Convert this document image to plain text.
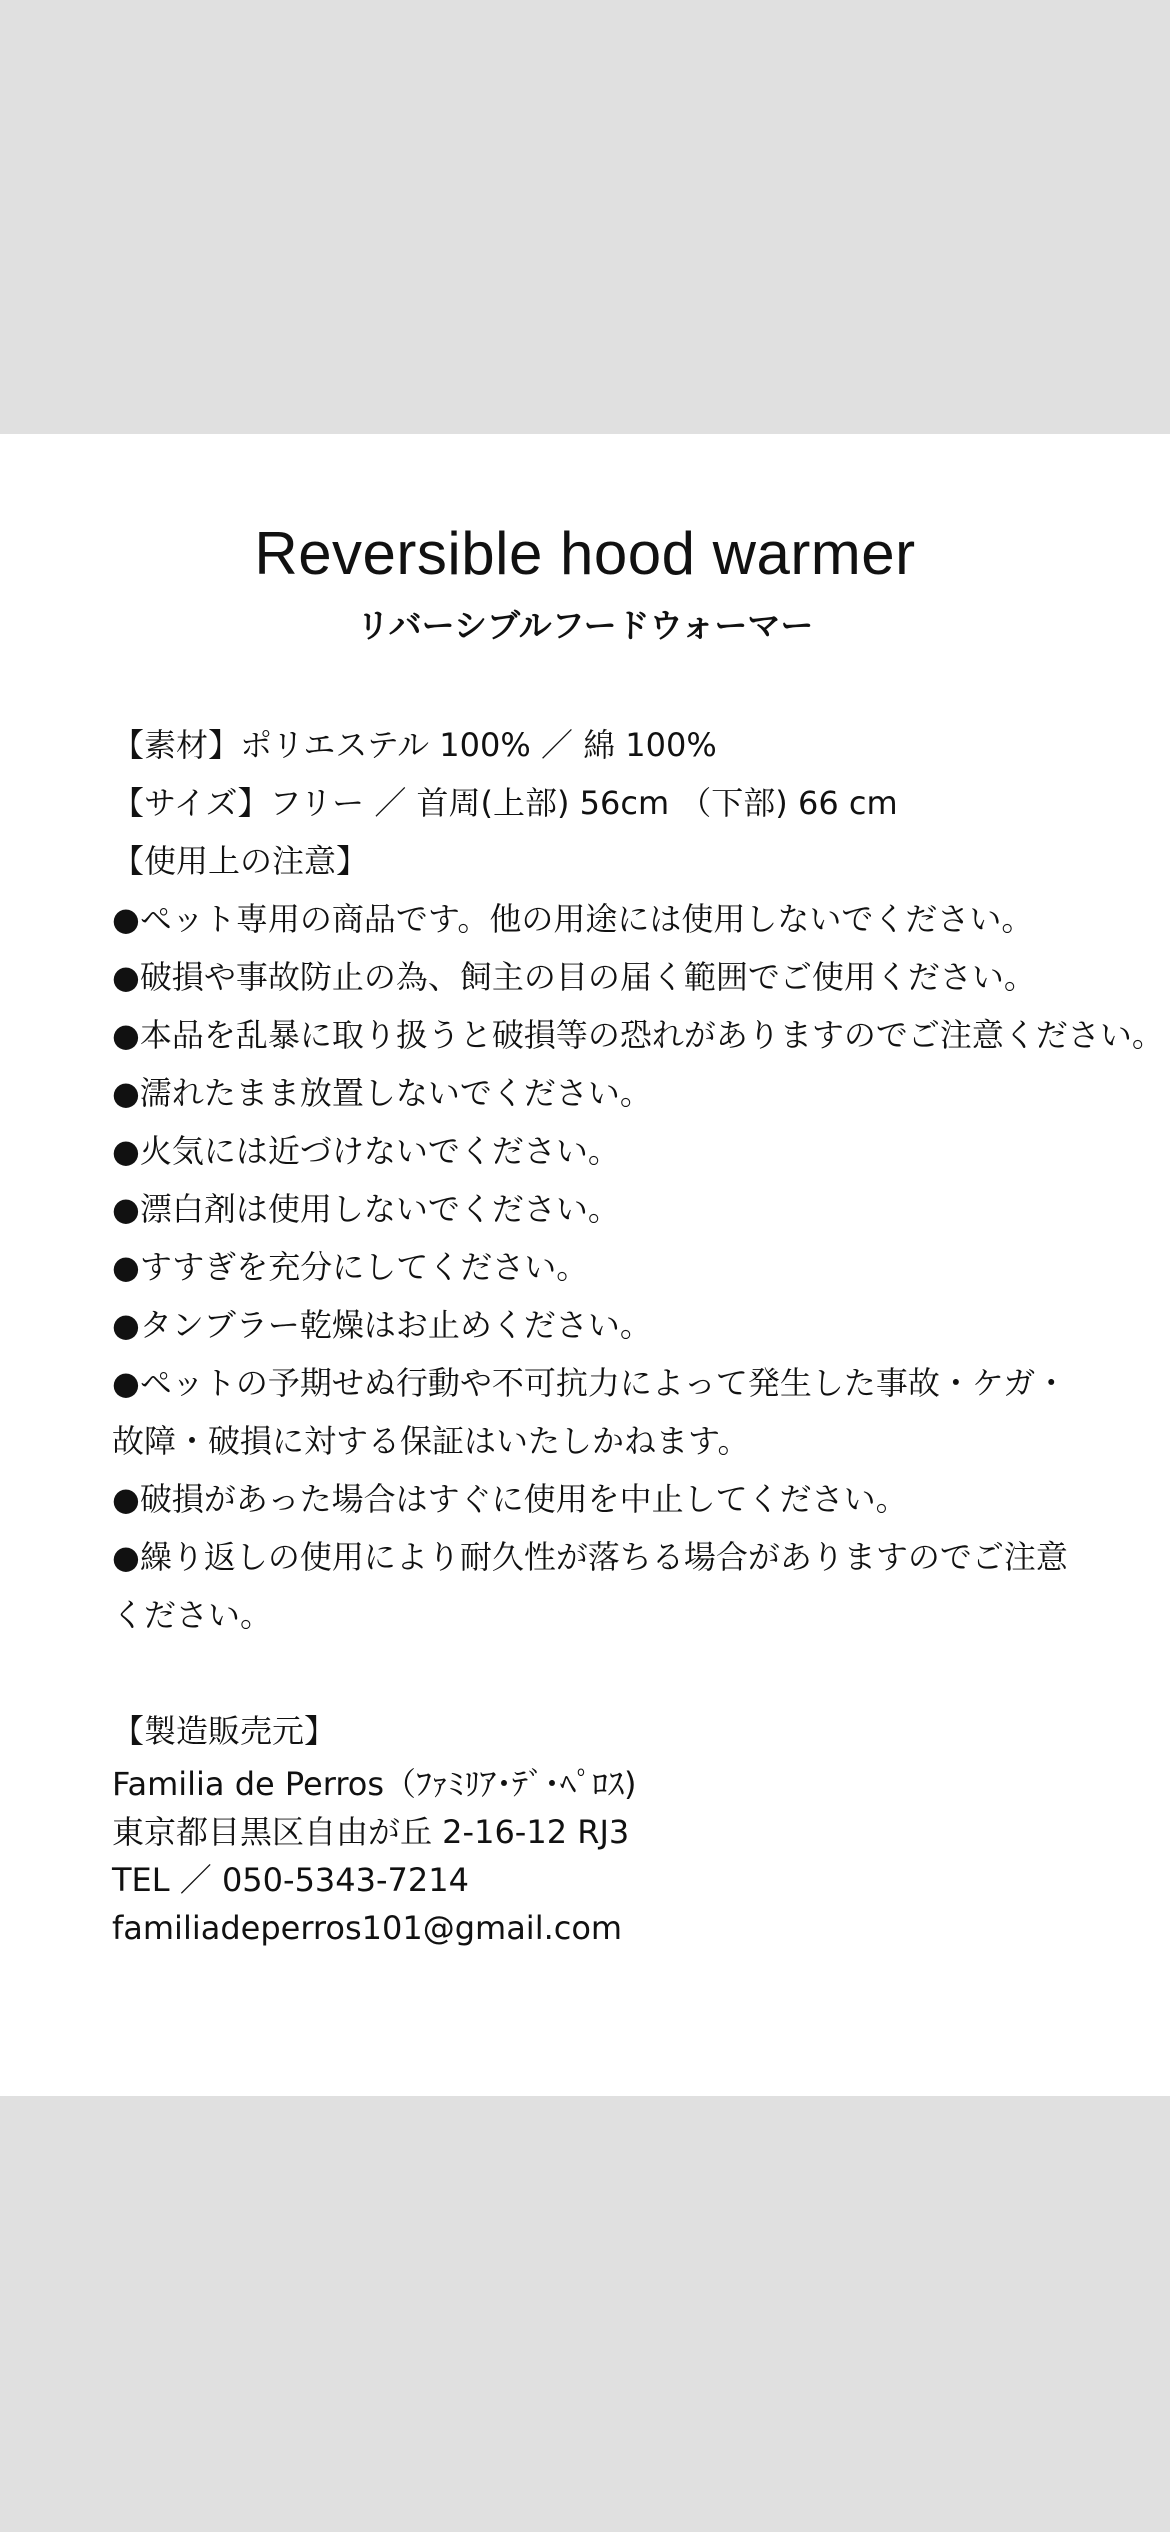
Reversible hood warmer
リバーシブルフードウォーマー
【素材】ポリエステル 100% ／ 綿 100%
【サイズ】フリー ／ 首周(上部) 56cm （下部) 66 cm
【使用上の注意】
●ペット専用の商品です。他の用途には使用しないでください。
●破損や事故防止の為、飼主の目の届く範囲でご使用ください。
●本品を乱暴に取り扱うと破損等の恐れがありますのでご注意ください。
●濡れたまま放置しないでください。
●火気には近づけないでください。
●漂白剤は使用しないでください。
●すすぎを充分にしてください。
●タンブラー乾燥はお止めください。
●ペットの予期せぬ行動や不可抗力によって発生した事故・ケガ・故障・破損に対する保証はいたしかねます。
●破損があった場合はすぐに使用を中止してください。
●繰り返しの使用により耐久性が落ちる場合がありますのでご注意ください。
【製造販売元】
Familia de Perros（ﾌｧﾐﾘｱ･ﾃﾞ･ﾍﾟﾛｽ)
東京都目黒区自由が丘 2-16-12 RJ3
TEL ／ 050-5343-7214
familiadeperros101@gmail.com
